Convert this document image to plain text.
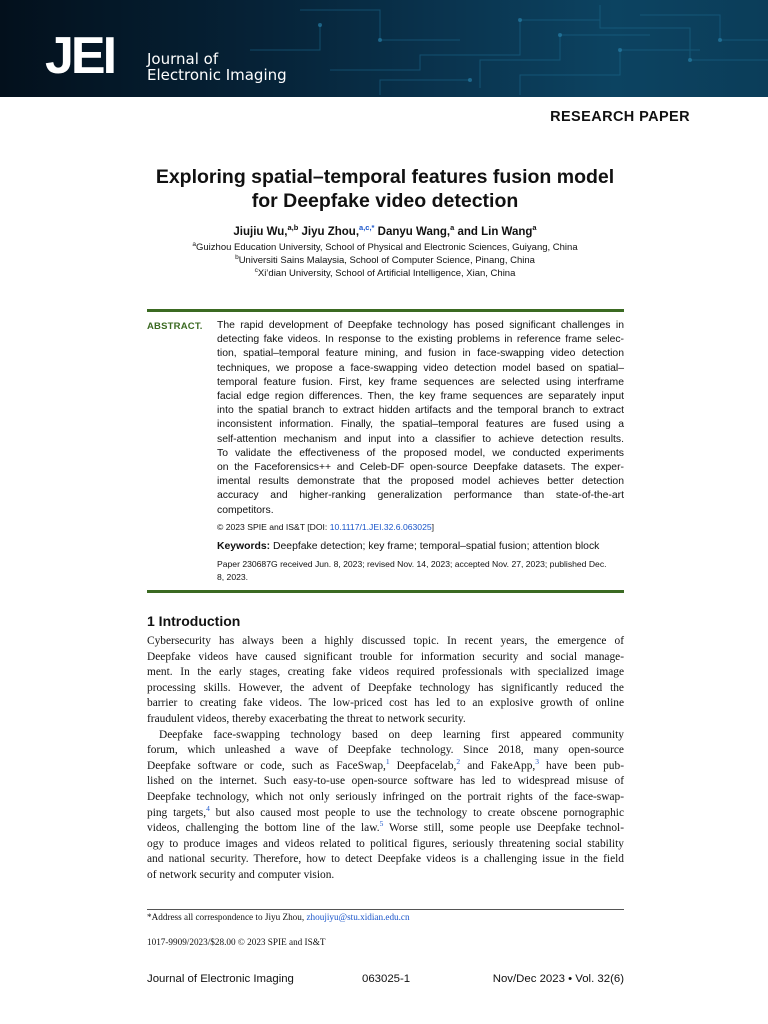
JEI Journal of
Electronic Imaging
RESEARCH PAPER
Exploring spatial–temporal features fusion model
for Deepfake video detection
Jiujiu Wu,$^{a,b}$ Jiyu Zhou,$^{a,c,*}$ Danyu Wang,$^a$ and Lin Wang$^a$
$^a$Guizhou Education University, School of Physical and Electronic Sciences, Guiyang, China
$^b$Universiti Sains Malaysia, School of Computer Science, Pinang, China
$^c$Xi’dian University, School of Artificial Intelligence, Xian, China
ABSTRACT. The rapid development of Deepfake technology has posed significant challenges in
detecting fake videos. In response to the existing problems in reference frame selec-
tion, spatial–temporal feature mining, and fusion in face-swapping video detection
techniques, we propose a face-swapping video detection model based on spatial–
temporal feature fusion. First, key frame sequences are selected using interframe
facial edge region differences. Then, the key frame sequences are separately input
into the spatial branch to extract hidden artifacts and the temporal branch to extract
inconsistent information. Finally, the spatial–temporal features are fused using a
self-attention mechanism and input into a classifier to achieve detection results.
To validate the effectiveness of the proposed model, we conducted experiments
on the Faceforensics++ and Celeb-DF open-source Deepfake datasets. The exper-
imental results demonstrate that the proposed model achieves better detection
accuracy and higher-ranking generalization performance than state-of-the-art
competitors.
© 2023 SPIE and IS&T [DOI: 10.1117/1.JEI.32.6.063025]
Keywords: Deepfake detection; key frame; temporal–spatial fusion; attention block
Paper 230687G received Jun. 8, 2023; revised Nov. 14, 2023; accepted Nov. 27, 2023; published Dec.
8, 2023.
1 Introduction
Cybersecurity has always been a highly discussed topic. In recent years, the emergence of
Deepfake videos have caused significant trouble for information security and social manage-
ment. In the early stages, creating fake videos required professionals with specialized image
processing skills. However, the advent of Deepfake technology has significantly reduced the
barrier to creating fake videos. The low-priced cost has led to an explosive growth of online
fraudulent videos, thereby exacerbating the threat to network security.
Deepfake face-swapping technology based on deep learning first appeared community
forum, which unleashed a wave of Deepfake technology. Since 2018, many open-source
Deepfake software or code, such as FaceSwap,$^1$ Deepfacelab,$^2$ and FakeApp,$^3$ have been pub-
lished on the internet. Such easy-to-use open-source software has led to widespread misuse of
Deepfake technology, which not only seriously infringed on the portrait rights of the face-swap-
ping targets,$^4$ but also caused most people to use the technology to create obscene pornographic
videos, challenging the bottom line of the law.$^5$ Worse still, some people use Deepfake technol-
ogy to produce images and videos related to political figures, seriously threatening social stability
and national security. Therefore, how to detect Deepfake videos is a challenging issue in the field
of network security and computer vision.
*Address all correspondence to Jiyu Zhou, zhoujiyu@stu.xidian.edu.cn
1017-9909/2023/$28.00 © 2023 SPIE and IS&T
Journal of Electronic Imaging	063025-1	Nov/Dec 2023 • Vol. 32(6)
